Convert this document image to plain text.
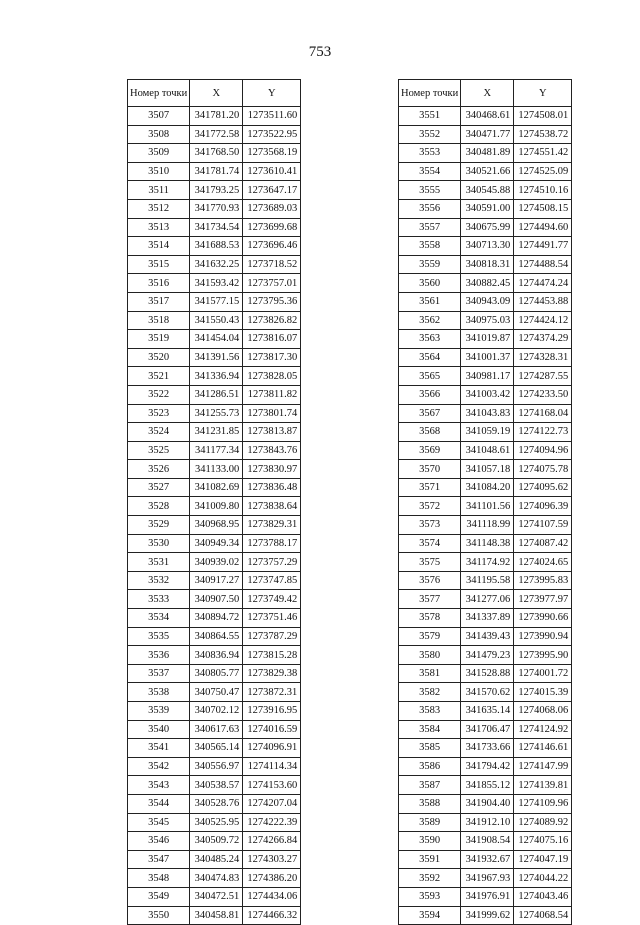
753
Номер точки	X	Y
3507	341781.20	1273511.60
3508	341772.58	1273522.95
3509	341768.50	1273568.19
3510	341781.74	1273610.41
3511	341793.25	1273647.17
3512	341770.93	1273689.03
3513	341734.54	1273699.68
3514	341688.53	1273696.46
3515	341632.25	1273718.52
3516	341593.42	1273757.01
3517	341577.15	1273795.36
3518	341550.43	1273826.82
3519	341454.04	1273816.07
3520	341391.56	1273817.30
3521	341336.94	1273828.05
3522	341286.51	1273811.82
3523	341255.73	1273801.74
3524	341231.85	1273813.87
3525	341177.34	1273843.76
3526	341133.00	1273830.97
3527	341082.69	1273836.48
3528	341009.80	1273838.64
3529	340968.95	1273829.31
3530	340949.34	1273788.17
3531	340939.02	1273757.29
3532	340917.27	1273747.85
3533	340907.50	1273749.42
3534	340894.72	1273751.46
3535	340864.55	1273787.29
3536	340836.94	1273815.28
3537	340805.77	1273829.38
3538	340750.47	1273872.31
3539	340702.12	1273916.95
3540	340617.63	1274016.59
3541	340565.14	1274096.91
3542	340556.97	1274114.34
3543	340538.57	1274153.60
3544	340528.76	1274207.04
3545	340525.95	1274222.39
3546	340509.72	1274266.84
3547	340485.24	1274303.27
3548	340474.83	1274386.20
3549	340472.51	1274434.06
3550	340458.81	1274466.32
Номер точки	X	Y
3551	340468.61	1274508.01
3552	340471.77	1274538.72
3553	340481.89	1274551.42
3554	340521.66	1274525.09
3555	340545.88	1274510.16
3556	340591.00	1274508.15
3557	340675.99	1274494.60
3558	340713.30	1274491.77
3559	340818.31	1274488.54
3560	340882.45	1274474.24
3561	340943.09	1274453.88
3562	340975.03	1274424.12
3563	341019.87	1274374.29
3564	341001.37	1274328.31
3565	340981.17	1274287.55
3566	341003.42	1274233.50
3567	341043.83	1274168.04
3568	341059.19	1274122.73
3569	341048.61	1274094.96
3570	341057.18	1274075.78
3571	341084.20	1274095.62
3572	341101.56	1274096.39
3573	341118.99	1274107.59
3574	341148.38	1274087.42
3575	341174.92	1274024.65
3576	341195.58	1273995.83
3577	341277.06	1273977.97
3578	341337.89	1273990.66
3579	341439.43	1273990.94
3580	341479.23	1273995.90
3581	341528.88	1274001.72
3582	341570.62	1274015.39
3583	341635.14	1274068.06
3584	341706.47	1274124.92
3585	341733.66	1274146.61
3586	341794.42	1274147.99
3587	341855.12	1274139.81
3588	341904.40	1274109.96
3589	341912.10	1274089.92
3590	341908.54	1274075.16
3591	341932.67	1274047.19
3592	341967.93	1274044.22
3593	341976.91	1274043.46
3594	341999.62	1274068.54
